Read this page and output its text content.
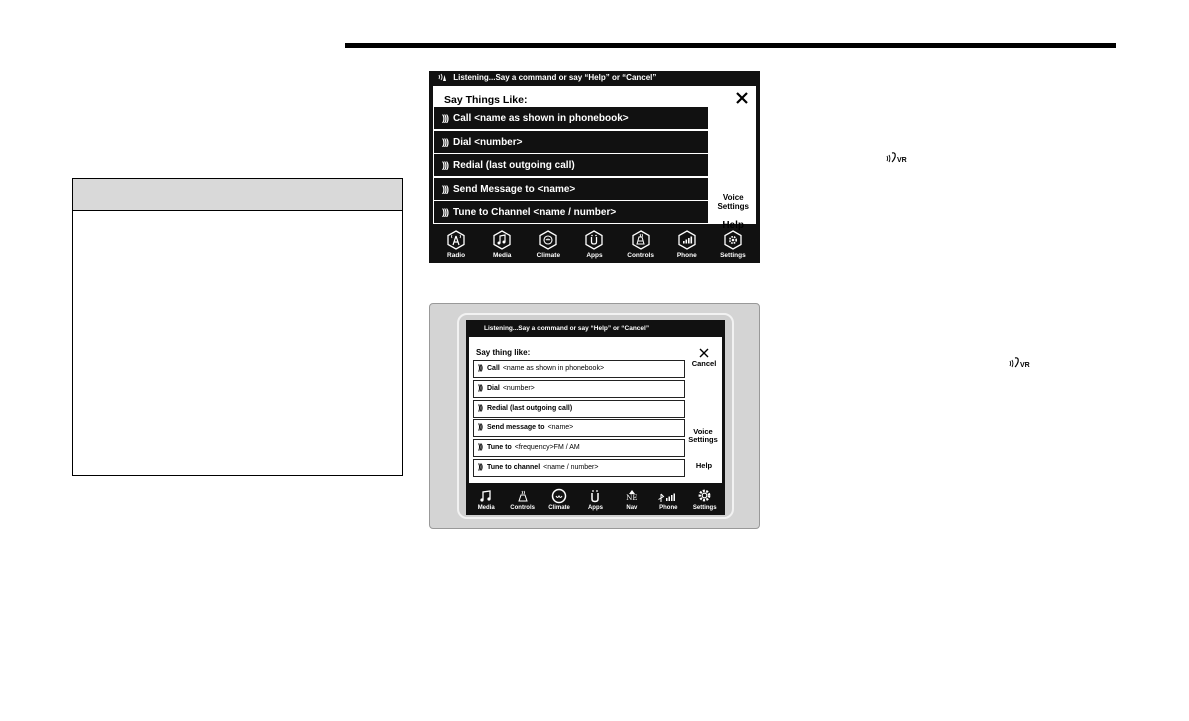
Listening...Say a command or say “Help” or “Cancel”
Say Things Like:
))) Call <name as shown in phonebook>
))) Dial <number>
))) Redial (last outgoing call)
))) Send Message to <name>
))) Tune to Channel <name / number>
Voice
Settings
Help
Radio	Media	Climate	Apps	Controls	Phone	Settings
Listening...Say a command or say “Help” or “Cancel”
Say thing like:
))) Call <name as shown in phonebook>
))) Dial <number>
))) Redial (last outgoing call)
))) Send message to <name>
))) Tune to <frequency>FM / AM
))) Tune to channel <name / number>
Cancel
Voice
Settings
Help
Media	Controls	Climate	Apps
NE
Nav	Phone	Settings
VR
VR
